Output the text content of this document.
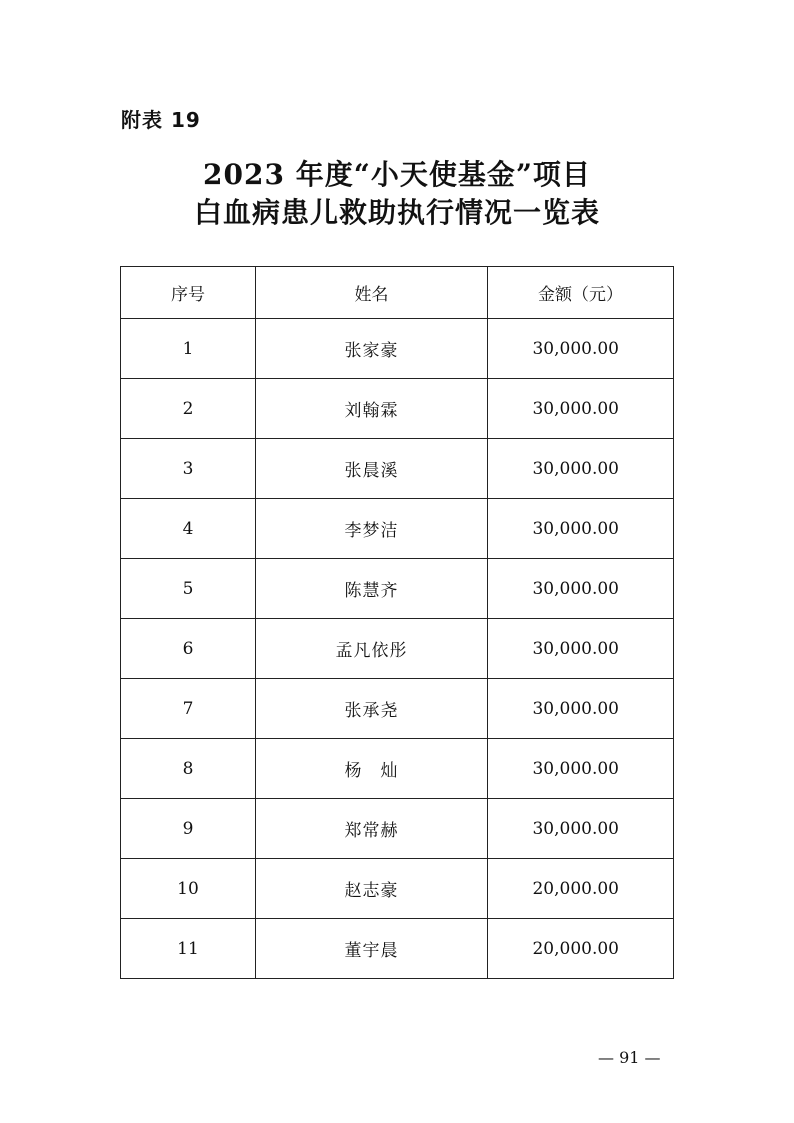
附表 19
2023 年度“小天使基金”项目
白血病患儿救助执行情况一览表
序号	姓名	金额（元）
1	张家豪	30,000.00
2	刘翰霖	30,000.00
3	张晨溪	30,000.00
4	李梦洁	30,000.00
5	陈慧齐	30,000.00
6	孟凡依彤	30,000.00
7	张承尧	30,000.00
8	杨　灿	30,000.00
9	郑常赫	30,000.00
10	赵志豪	20,000.00
11	董宇晨	20,000.00
— 91 —
